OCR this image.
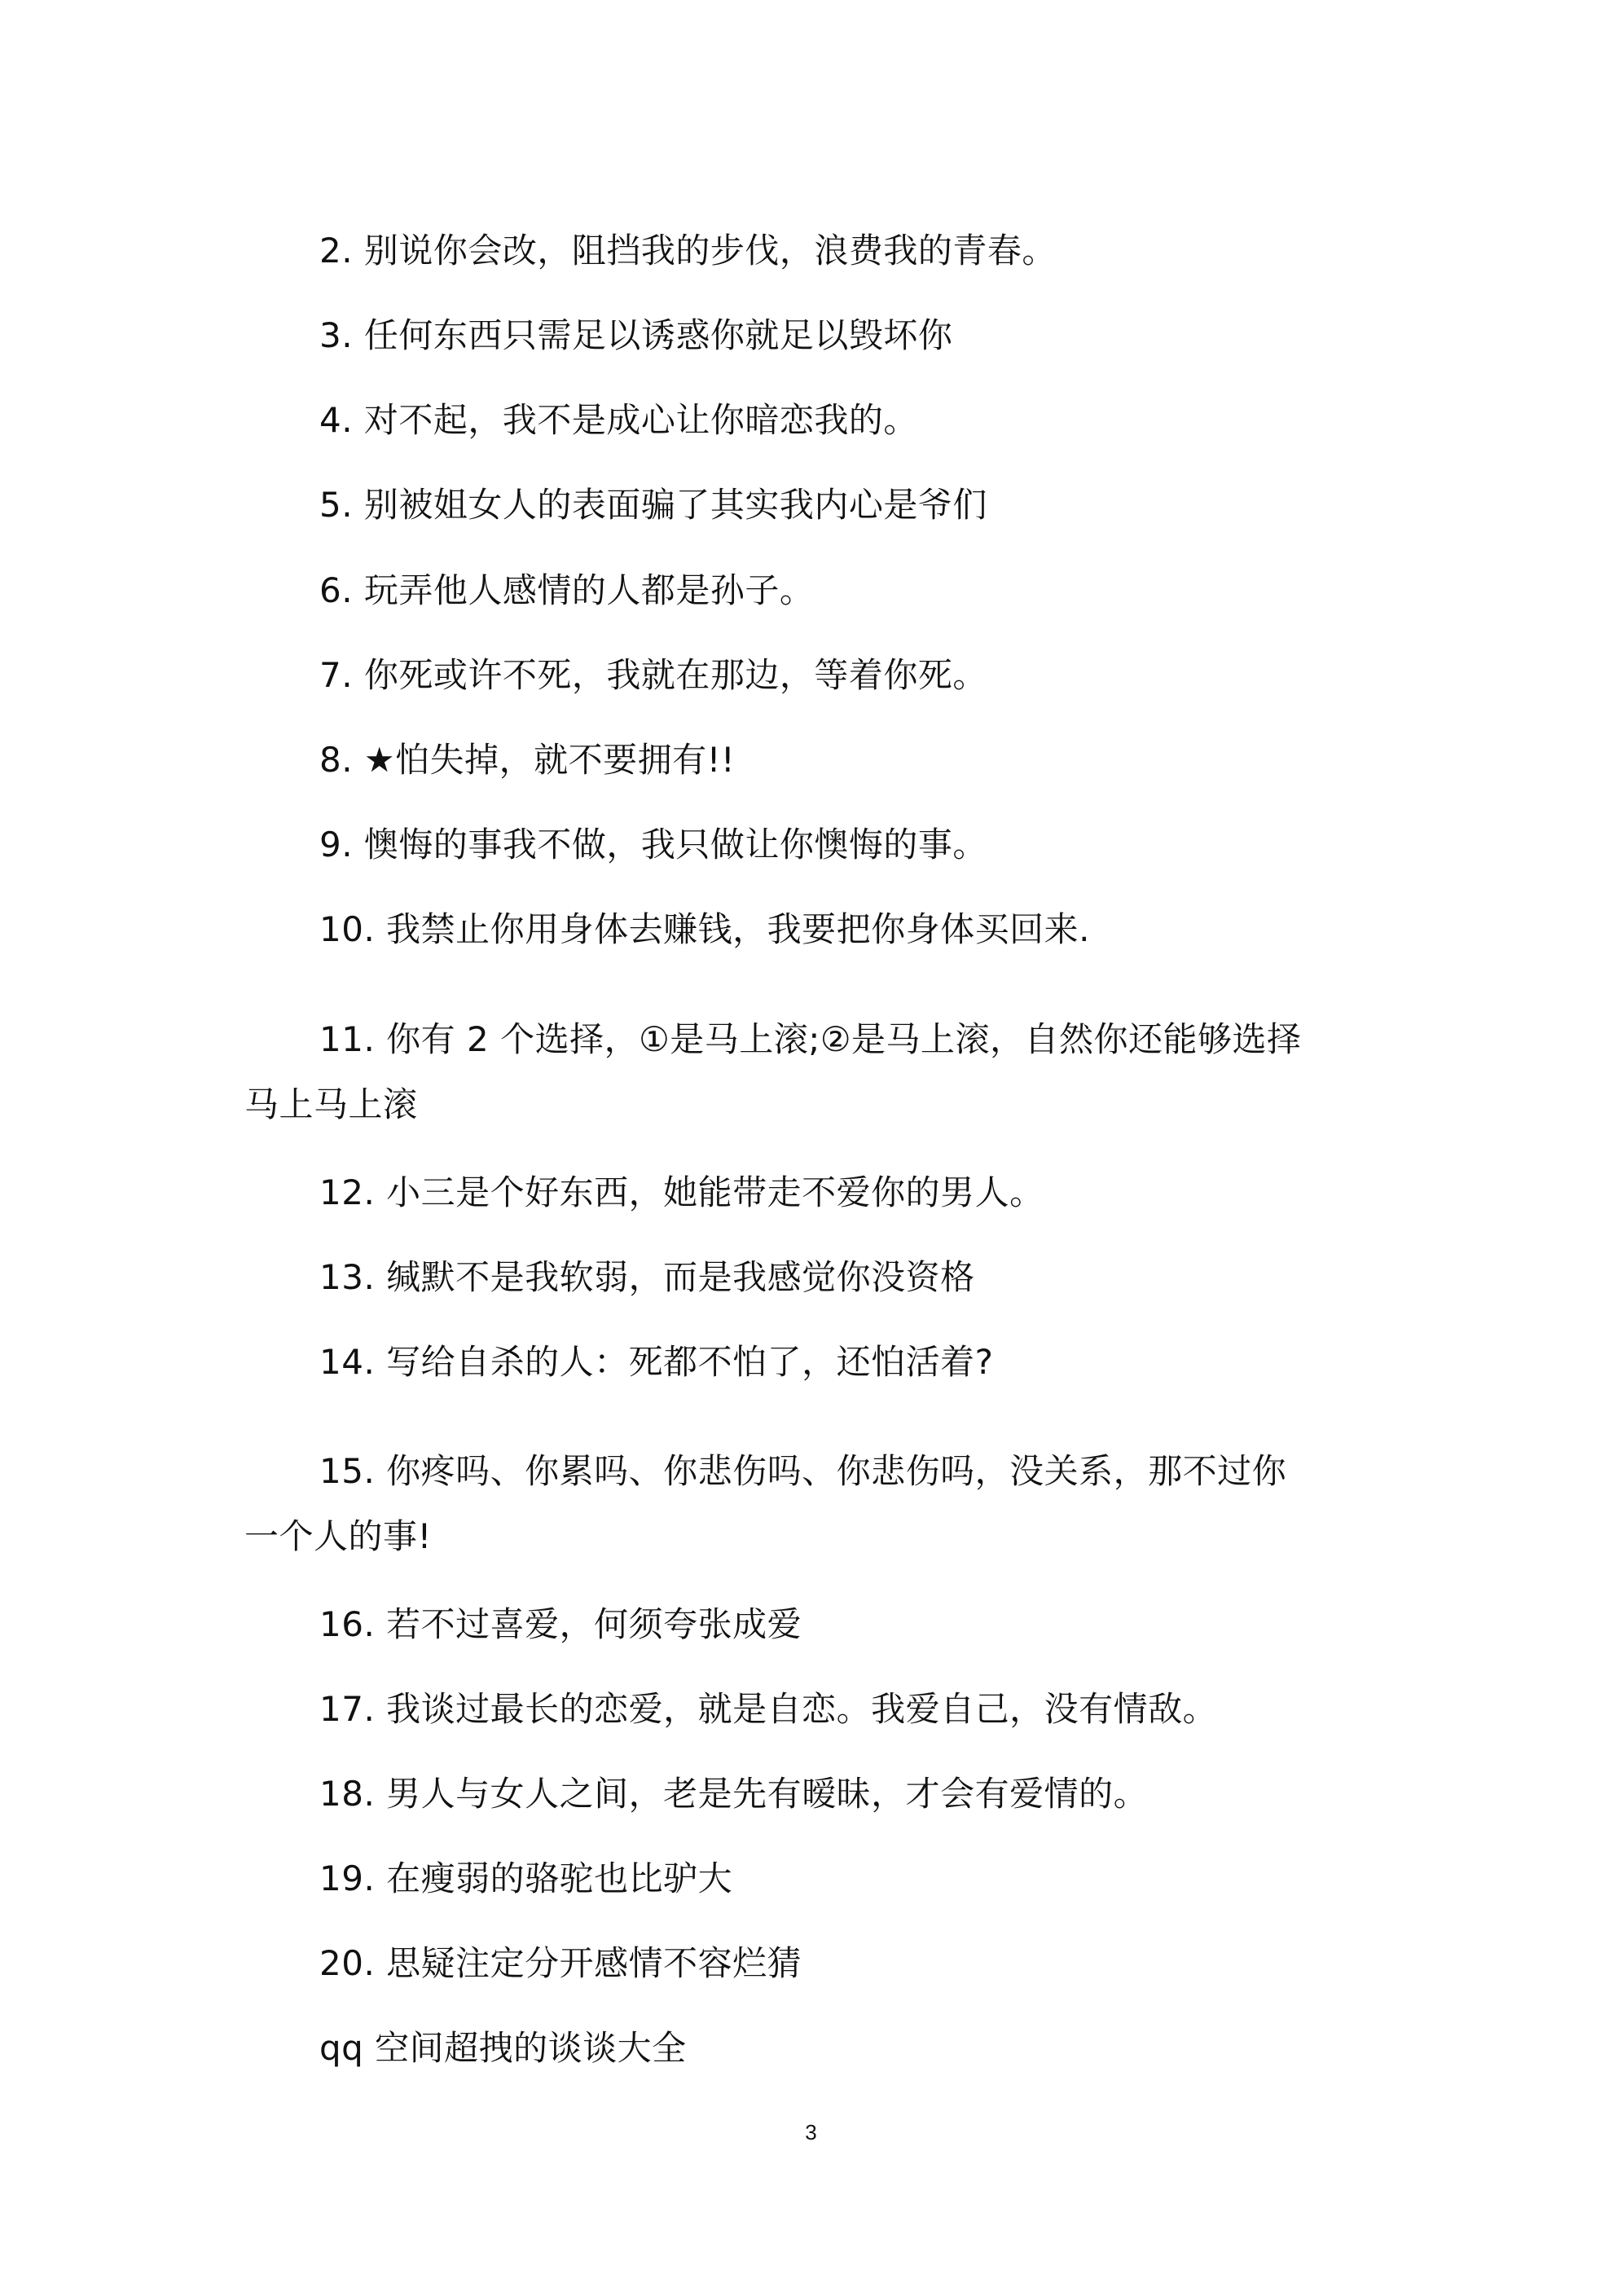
2. 别说你会改，阻挡我的步伐，浪费我的青春。
3. 任何东西只需足以诱惑你就足以毁坏你
4. 对不起，我不是成心让你暗恋我的。
5. 别被姐女人的表面骗了其实我内心是爷们
6. 玩弄他人感情的人都是孙子。
7. 你死或许不死，我就在那边，等着你死。
8. ★怕失掉，就不要拥有!!
9. 懊悔的事我不做，我只做让你懊悔的事。
10. 我禁止你用身体去赚钱，我要把你身体买回来.
11. 你有 2 个选择，①是马上滚;②是马上滚，自然你还能够选择
马上马上滚
12. 小三是个好东西，她能带走不爱你的男人。
13. 缄默不是我软弱，而是我感觉你没资格
14. 写给自杀的人：死都不怕了，还怕活着?
15. 你疼吗、你累吗、你悲伤吗、你悲伤吗，没关系，那不过你
一个人的事!
16. 若不过喜爱，何须夸张成爱
17. 我谈过最长的恋爱，就是自恋。我爱自己，没有情敌。
18. 男人与女人之间，老是先有暧昧，才会有爱情的。
19. 在瘦弱的骆驼也比驴大
20. 思疑注定分开感情不容烂猜
qq 空间超拽的谈谈大全
3
